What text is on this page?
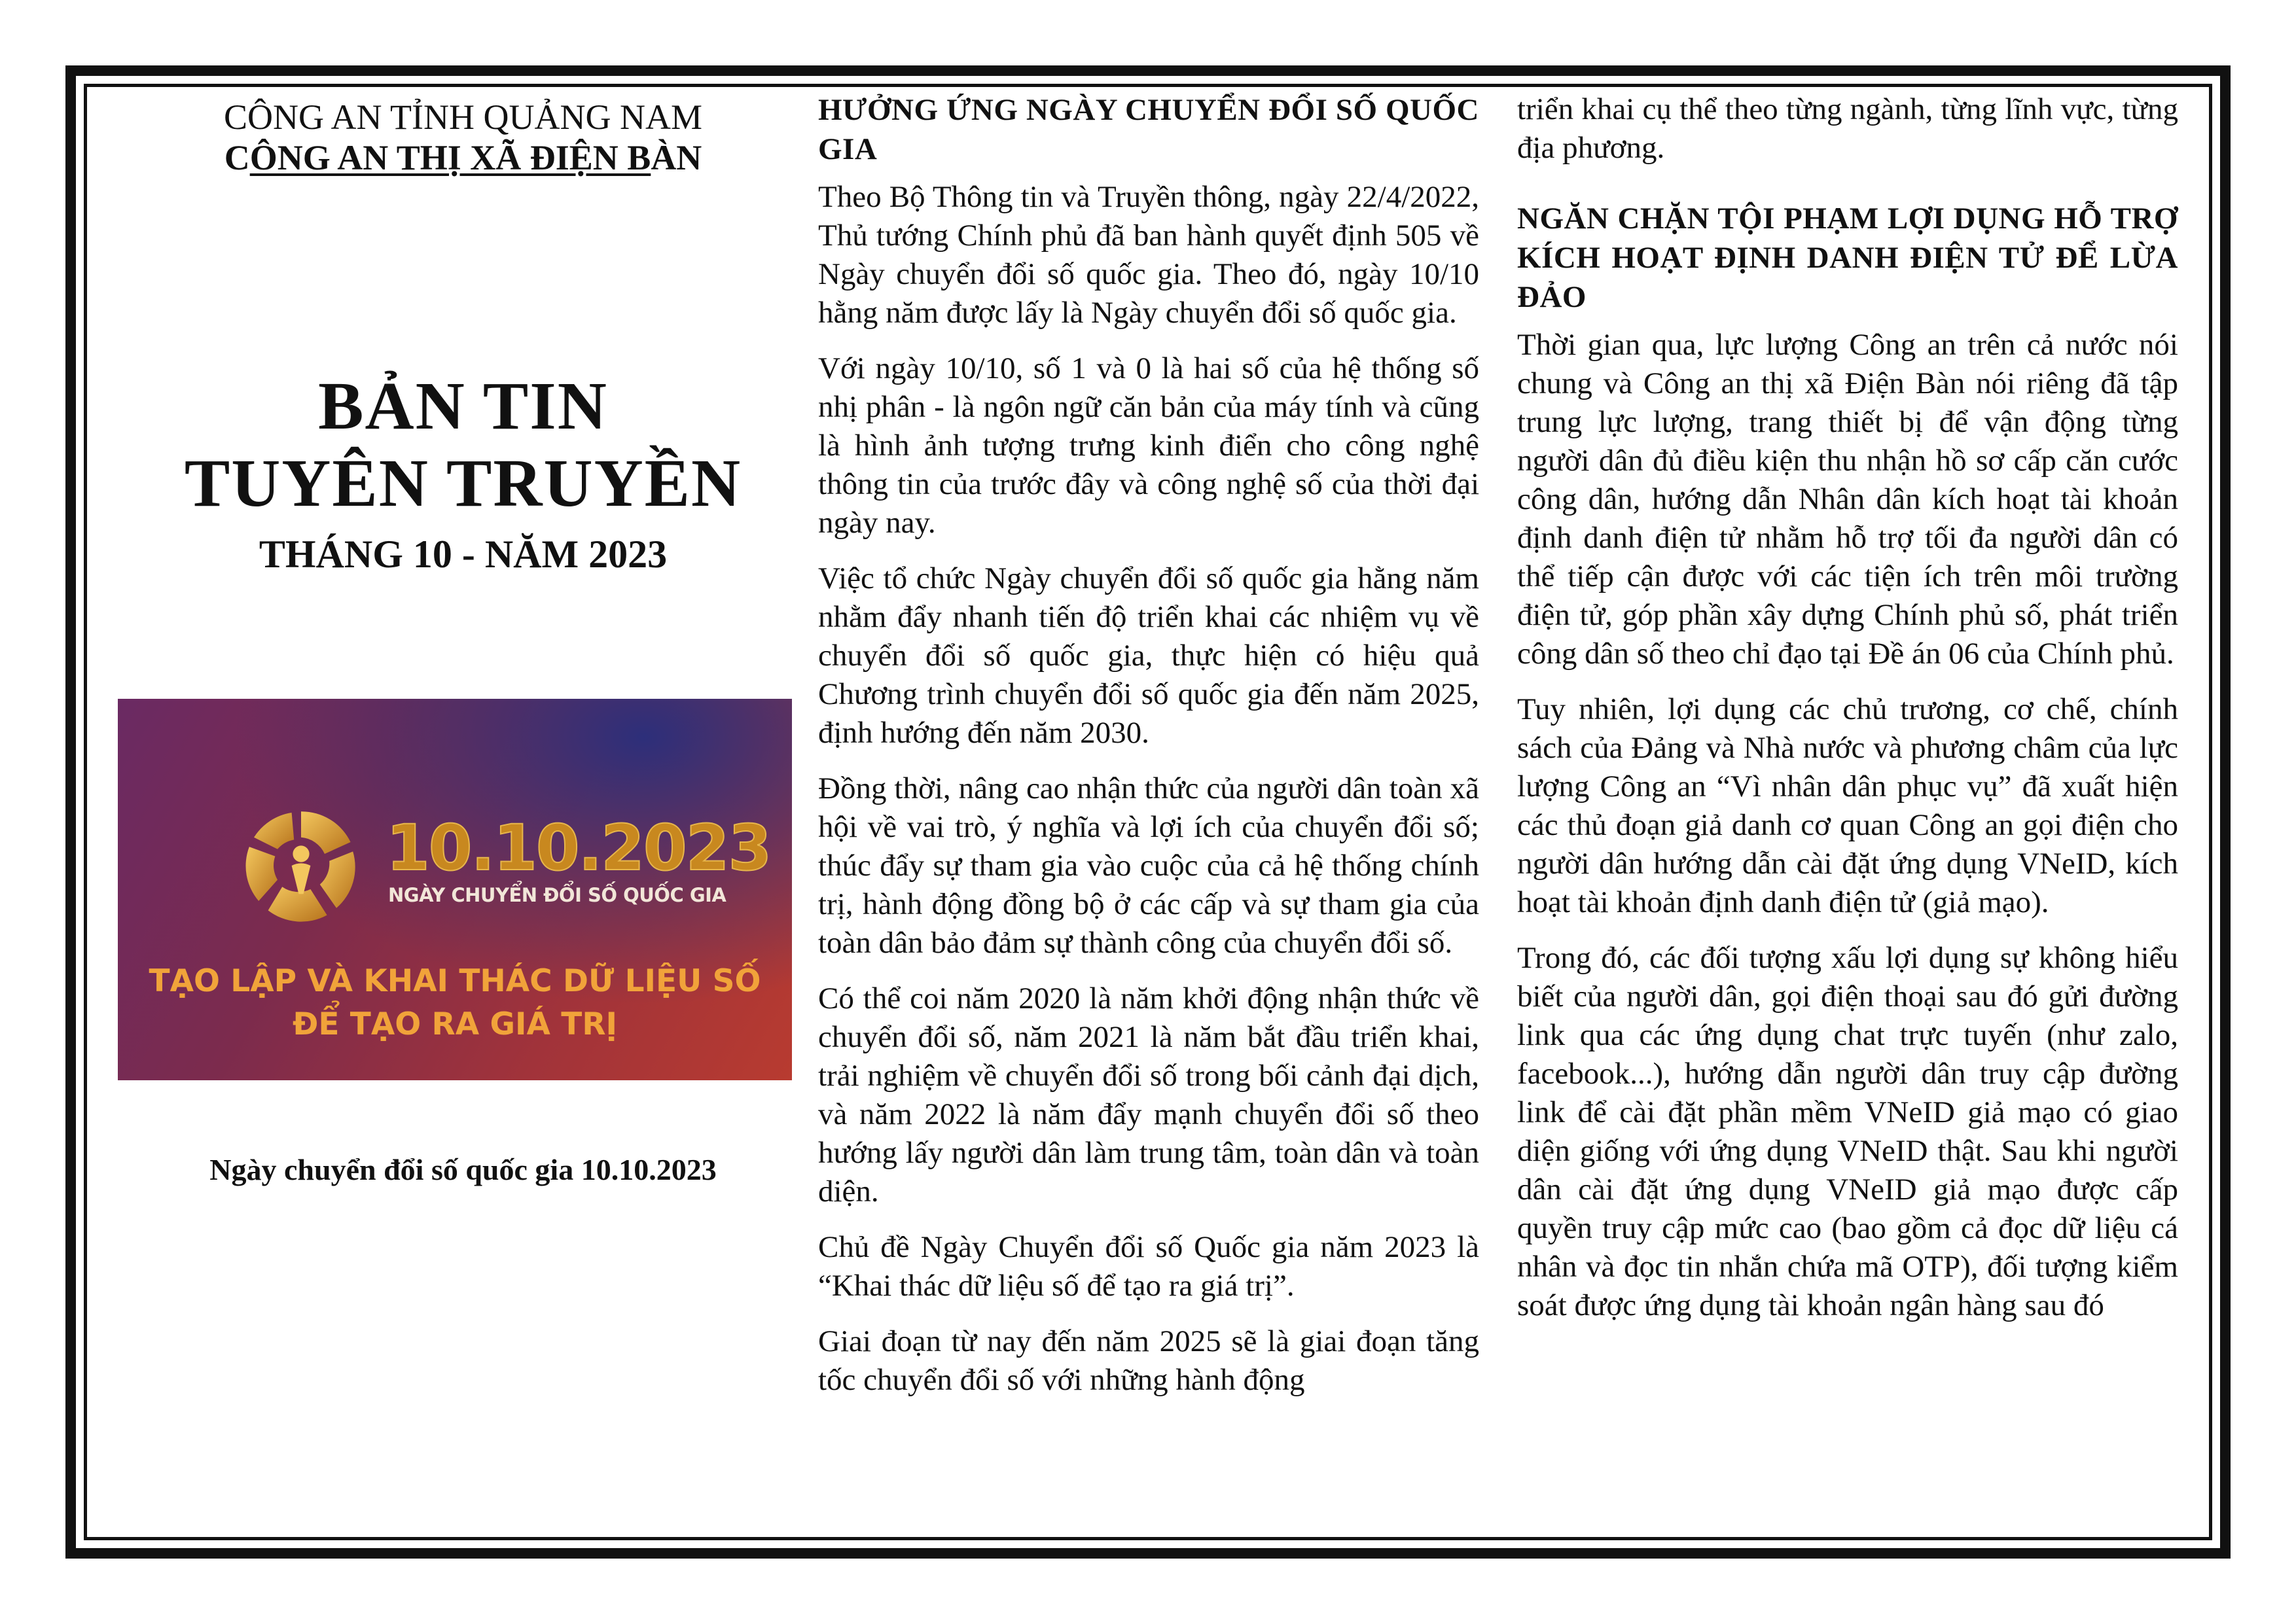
CÔNG AN TỈNH QUẢNG NAM
CÔNG AN THỊ XÃ ĐIỆN BÀN
BẢN TIN
TUYÊN TRUYỀN
THÁNG 10 - NĂM 2023
10.10.2023
NGÀY CHUYỂN ĐỔI SỐ QUỐC GIA
TẠO LẬP VÀ KHAI THÁC DỮ LIỆU SỐ
ĐỂ TẠO RA GIÁ TRỊ
Ngày chuyển đổi số quốc gia 10.10.2023
HƯỞNG ỨNG NGÀY CHUYỂN ĐỔI SỐ QUỐC GIA

Theo Bộ Thông tin và Truyền thông, ngày 22/4/2022, Thủ tướng Chính phủ đã ban hành quyết định 505 về Ngày chuyển đổi số quốc gia. Theo đó, ngày 10/10 hằng năm được lấy là Ngày chuyển đổi số quốc gia.

Với ngày 10/10, số 1 và 0 là hai số của hệ thống số nhị phân - là ngôn ngữ căn bản của máy tính và cũng là hình ảnh tượng trưng kinh điển cho công nghệ thông tin của trước đây và công nghệ số của thời đại ngày nay.

Việc tổ chức Ngày chuyển đổi số quốc gia hằng năm nhằm đẩy nhanh tiến độ triển khai các nhiệm vụ về chuyển đổi số quốc gia, thực hiện có hiệu quả Chương trình chuyển đổi số quốc gia đến năm 2025, định hướng đến năm 2030.

Đồng thời, nâng cao nhận thức của người dân toàn xã hội về vai trò, ý nghĩa và lợi ích của chuyển đổi số; thúc đẩy sự tham gia vào cuộc của cả hệ thống chính trị, hành động đồng bộ ở các cấp và sự tham gia của toàn dân bảo đảm sự thành công của chuyển đổi số.

Có thể coi năm 2020 là năm khởi động nhận thức về chuyển đổi số, năm 2021 là năm bắt đầu triển khai, trải nghiệm về chuyển đổi số trong bối cảnh đại dịch, và năm 2022 là năm đẩy mạnh chuyển đổi số theo hướng lấy người dân làm trung tâm, toàn dân và toàn diện.

Chủ đề Ngày Chuyển đổi số Quốc gia năm 2023 là “Khai thác dữ liệu số để tạo ra giá trị”.

Giai đoạn từ nay đến năm 2025 sẽ là giai đoạn tăng tốc chuyển đổi số với những hành động

triển khai cụ thể theo từng ngành, từng lĩnh vực, từng địa phương.

NGĂN CHẶN TỘI PHẠM LỢI DỤNG HỖ TRỢ KÍCH HOẠT ĐỊNH DANH ĐIỆN TỬ ĐỂ LỪA ĐẢO

Thời gian qua, lực lượng Công an trên cả nước nói chung và Công an thị xã Điện Bàn nói riêng đã tập trung lực lượng, trang thiết bị để vận động từng người dân đủ điều kiện thu nhận hồ sơ cấp căn cước công dân, hướng dẫn Nhân dân kích hoạt tài khoản định danh điện tử nhằm hỗ trợ tối đa người dân có thể tiếp cận được với các tiện ích trên môi trường điện tử, góp phần xây dựng Chính phủ số, phát triển công dân số theo chỉ đạo tại Đề án 06 của Chính phủ.

Tuy nhiên, lợi dụng các chủ trương, cơ chế, chính sách của Đảng và Nhà nước và phương châm của lực lượng Công an “Vì nhân dân phục vụ” đã xuất hiện các thủ đoạn giả danh cơ quan Công an gọi điện cho người dân hướng dẫn cài đặt ứng dụng VNeID, kích hoạt tài khoản định danh điện tử (giả mạo).

Trong đó, các đối tượng xấu lợi dụng sự không hiểu biết của người dân, gọi điện thoại sau đó gửi đường link qua các ứng dụng chat trực tuyến (như zalo, facebook...), hướng dẫn người dân truy cập đường link để cài đặt phần mềm VNeID giả mạo có giao diện giống với ứng dụng VNeID thật. Sau khi người dân cài đặt ứng dụng VNeID giả mạo được cấp quyền truy cập mức cao (bao gồm cả đọc dữ liệu cá nhân và đọc tin nhắn chứa mã OTP), đối tượng kiểm soát được ứng dụng tài khoản ngân hàng sau đó
